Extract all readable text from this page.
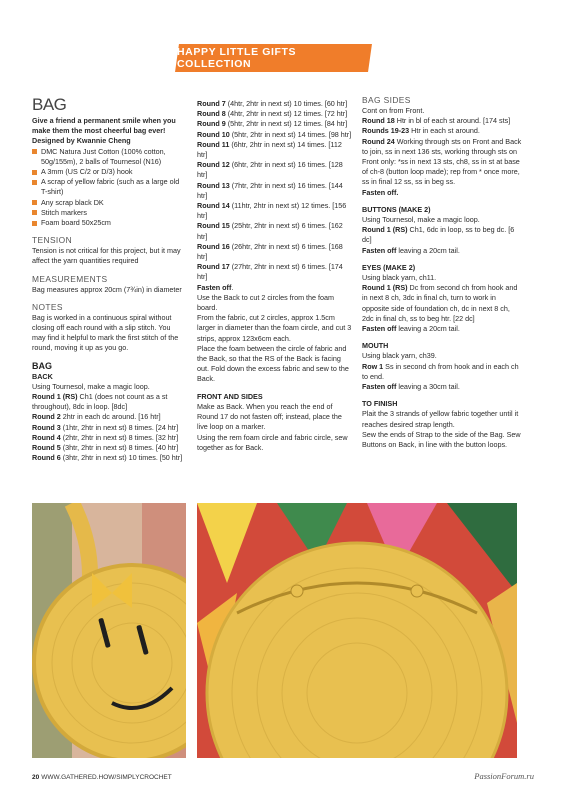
HAPPY LITTLE GIFTS COLLECTION
BAG

Give a friend a permanent smile when you make them the most cheerful bag ever!

Designed by Kwannie Cheng

DMC Natura Just Cotton (100% cotton, 50g/155m), 2 balls of Tournesol (N16)
A 3mm (US C/2 or D/3) hook
A scrap of yellow fabric (such as a large old T-shirt)
Any scrap black DK
Stitch markers
Foam board 50x25cm

TENSION

Tension is not critical for this project, but it may affect the yarn quantities required

MEASUREMENTS

Bag measures approx 20cm (7¾in) in diameter

NOTES

Bag is worked in a continuous spiral without closing off each round with a slip stitch. You may find it helpful to mark the first stitch of the round, moving it up as you go.

BAG

BACK

Using Tournesol, make a magic loop.

Round 1 (RS) Ch1 (does not count as a st throughout), 8dc in loop. [8dc]

Round 2 2htr in each dc around. [16 htr]

Round 3 (1htr, 2htr in next st) 8 times. [24 htr]

Round 4 (2htr, 2htr in next st) 8 times. [32 htr]

Round 5 (3htr, 2htr in next st) 8 times. [40 htr]

Round 6 (3htr, 2htr in next st) 10 times. [50 htr]

Round 7 (4htr, 2htr in next st) 10 times. [60 htr]

Round 8 (4htr, 2htr in next st) 12 times. [72 htr]

Round 9 (5htr, 2htr in next st) 12 times. [84 htr]

Round 10 (5htr, 2htr in next st) 14 times. [98 htr]

Round 11 (6htr, 2htr in next st) 14 times. [112 htr]

Round 12 (6htr, 2htr in next st) 16 times. [128 htr]

Round 13 (7htr, 2htr in next st) 16 times. [144 htr]

Round 14 (11htr, 2htr in next st) 12 times. [156 htr]

Round 15 (25htr, 2htr in next st) 6 times. [162 htr]

Round 16 (26htr, 2htr in next st) 6 times. [168 htr]

Round 17 (27htr, 2htr in next st) 6 times. [174 htr]

Fasten off.

Use the Back to cut 2 circles from the foam board.

From the fabric, cut 2 circles, approx 1.5cm larger in diameter than the foam circle, and cut 3 strips, approx 123x6cm each.

Place the foam between the circle of fabric and the Back, so that the RS of the Back is facing out. Fold down the excess fabric and sew to the Back.

FRONT AND SIDES

Make as Back. When you reach the end of Round 17 do not fasten off; instead, place the live loop on a marker.

Using the rem foam circle and fabric circle, sew together as for Back.

BAG SIDES

Cont on from Front.

Round 18 Htr in bl of each st around. [174 sts]

Rounds 19-23 Htr in each st around.

Round 24 Working through sts on Front and Back to join, ss in next 136 sts, working through sts on Front only: *ss in next 13 sts, ch8, ss in st at base of ch-8 (button loop made); rep from * once more, ss in final 12 ss, ss in beg ss.

Fasten off.

BUTTONS (MAKE 2)

Using Tournesol, make a magic loop.

Round 1 (RS) Ch1, 6dc in loop, ss to beg dc. [6 dc]

Fasten off leaving a 20cm tail.

EYES (MAKE 2)

Using black yarn, ch11.

Round 1 (RS) Dc from second ch from hook and in next 8 ch, 3dc in final ch, turn to work in opposite side of foundation ch, dc in next 8 ch, 2dc in final ch, ss to beg htr. [22 dc]

Fasten off leaving a 20cm tail.

MOUTH

Using black yarn, ch39.

Row 1 Ss in second ch from hook and in each ch to end.

Fasten off leaving a 30cm tail.

TO FINISH

Plait the 3 strands of yellow fabric together until it reaches desired strap length.

Sew the ends of Strap to the side of the Bag. Sew Buttons on Back, in line with the button loops.

20 WWW.GATHERED.HOW/SIMPLYCROCHET	PassionForum.ru
